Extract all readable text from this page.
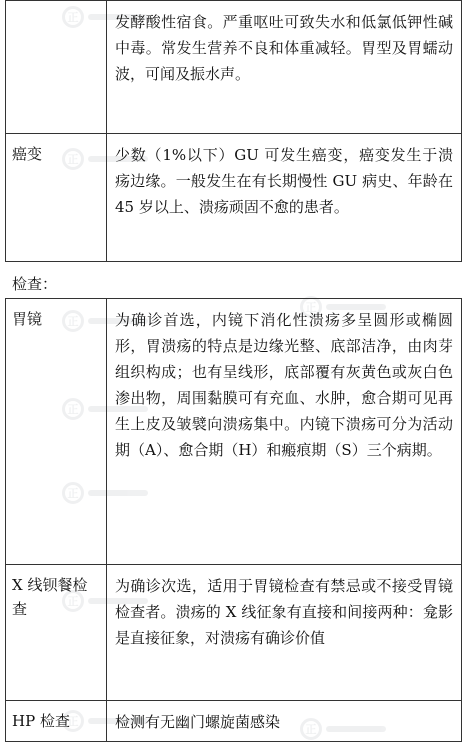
正
正
正
正
正
正
正
正
正
	发酵酸性宿食。严重呕吐可致失水和低氯低钾性碱中毒。常发生营养不良和体重减轻。胃型及胃蠕动波，可闻及振水声。
癌变	少数（1%以下）GU 可发生癌变，癌变发生于溃疡边缘。一般发生在有长期慢性 GU 病史、年龄在 45 岁以上、溃疡顽固不愈的患者。
检查：
胃镜	为确诊首选，内镜下消化性溃疡多呈圆形或椭圆形，胃溃疡的特点是边缘光整、底部洁净，由肉芽组织构成；也有呈线形，底部覆有灰黄色或灰白色渗出物，周围黏膜可有充血、水肿，愈合期可见再生上皮及皱襞向溃疡集中。内镜下溃疡可分为活动期（A）、愈合期（H）和瘢痕期（S）三个病期。
X 线钡餐检查	为确诊次选，适用于胃镜检查有禁忌或不接受胃镜检查者。溃疡的 X 线征象有直接和间接两种：龛影是直接征象，对溃疡有确诊价值
HP 检查	检测有无幽门螺旋菌感染
